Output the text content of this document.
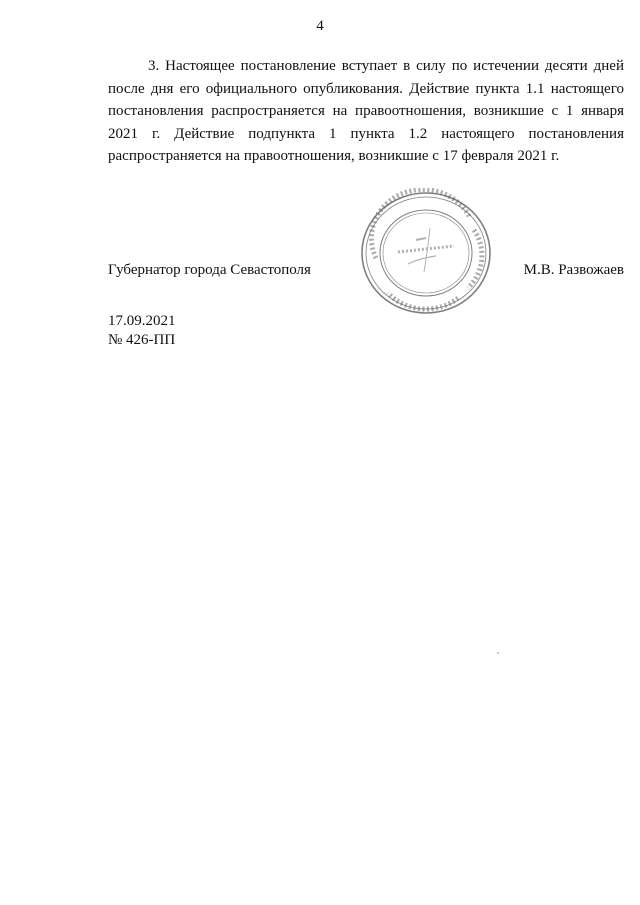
4

3. Настоящее постановление вступает в силу по истечении десяти дней после дня его официального опубликования. Действие пункта 1.1 настоящего постановления распространяется на правоотношения, возникшие с 1 января 2021 г. Действие подпункта 1 пункта 1.2 настоящего постановления распространяется на правоотношения, возникшие с 17 февраля 2021 г.

Губернатор города Севастополя	М.В. Развожаев
17.09.2021
№ 426-ПП
